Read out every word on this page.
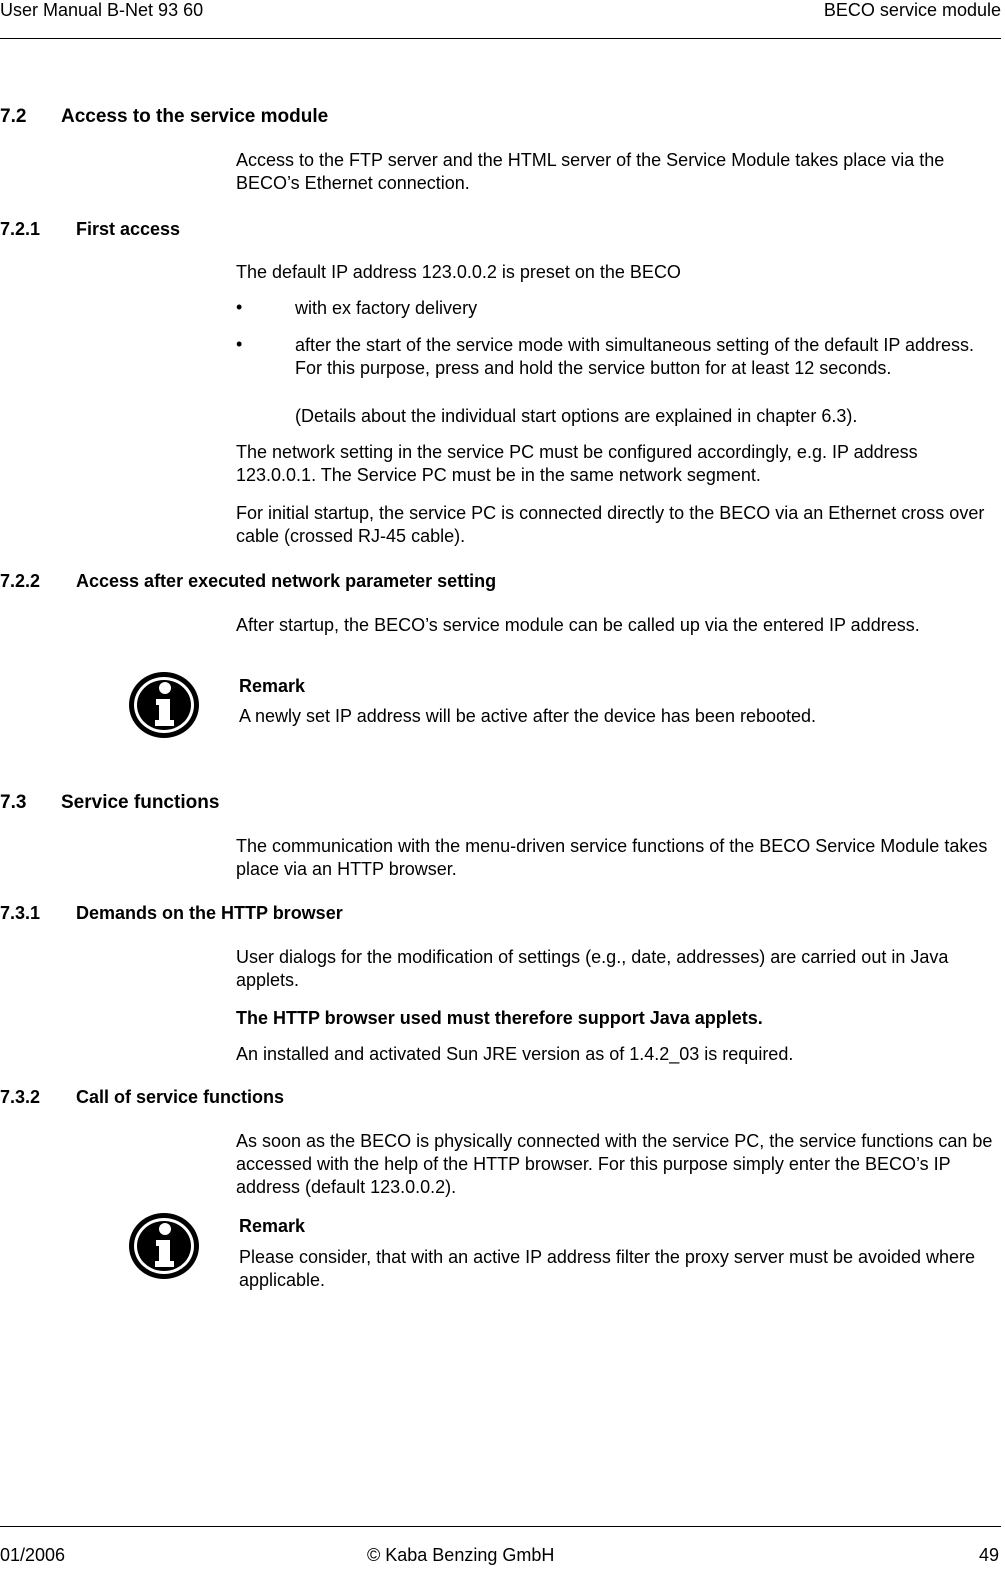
User Manual B-Net 93 60	BECO service module
7.2 Access to the service module
Access to the FTP server and the HTML server of the Service Module takes place via the BECO’s Ethernet connection.
7.2.1 First access
The default IP address 123.0.0.2 is preset on the BECO
•	with ex factory delivery
•	after the start of the service mode with simultaneous setting of the default IP address. For this purpose, press and hold the service button for at least 12 seconds.
(Details about the individual start options are explained in chapter 6.3).
The network setting in the service PC must be configured accordingly, e.g. IP address 123.0.0.1. The Service PC must be in the same network segment.
For initial startup, the service PC is connected directly to the BECO via an Ethernet cross over cable (crossed RJ-45 cable).
7.2.2 Access after executed network parameter setting
After startup, the BECO’s service module can be called up via the entered IP address.
Remark
A newly set IP address will be active after the device has been rebooted.
7.3 Service functions
The communication with the menu-driven service functions of the BECO Service Module takes place via an HTTP browser.
7.3.1 Demands on the HTTP browser
User dialogs for the modification of settings (e.g., date, addresses) are carried out in Java applets.
The HTTP browser used must therefore support Java applets.
An installed and activated Sun JRE version as of 1.4.2_03 is required.
7.3.2 Call of service functions
As soon as the BECO is physically connected with the service PC, the service functions can be accessed with the help of the HTTP browser. For this purpose simply enter the BECO’s IP address (default 123.0.0.2).
Remark
Please consider, that with an active IP address filter the proxy server must be avoided where applicable.
01/2006	© Kaba Benzing GmbH	49
